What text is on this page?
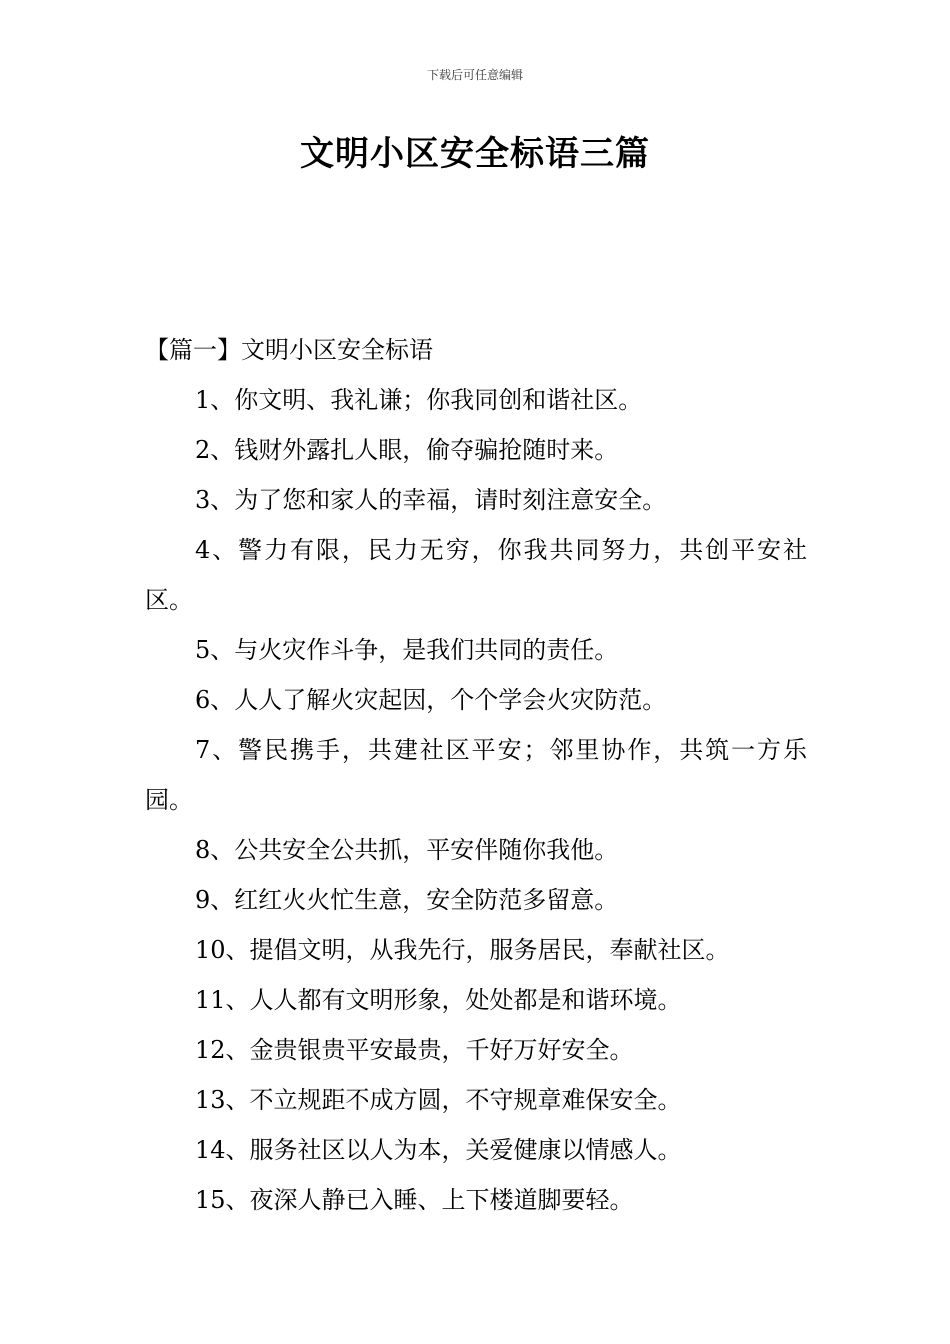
下载后可任意编辑
文明小区安全标语三篇

【篇一】文明小区安全标语

1、你文明、我礼谦；你我同创和谐社区。

2、钱财外露扎人眼，偷夺骗抢随时来。

3、为了您和家人的幸福，请时刻注意安全。

4、警力有限，民力无穷，你我共同努力，共创平安社区。

5、与火灾作斗争，是我们共同的责任。

6、人人了解火灾起因，个个学会火灾防范。

7、警民携手，共建社区平安；邻里协作，共筑一方乐园。

8、公共安全公共抓，平安伴随你我他。

9、红红火火忙生意，安全防范多留意。

10、提倡文明，从我先行，服务居民，奉献社区。

11、人人都有文明形象，处处都是和谐环境。

12、金贵银贵平安最贵，千好万好安全。

13、不立规距不成方圆，不守规章难保安全。

14、服务社区以人为本，关爱健康以情感人。

15、夜深人静已入睡、上下楼道脚要轻。
